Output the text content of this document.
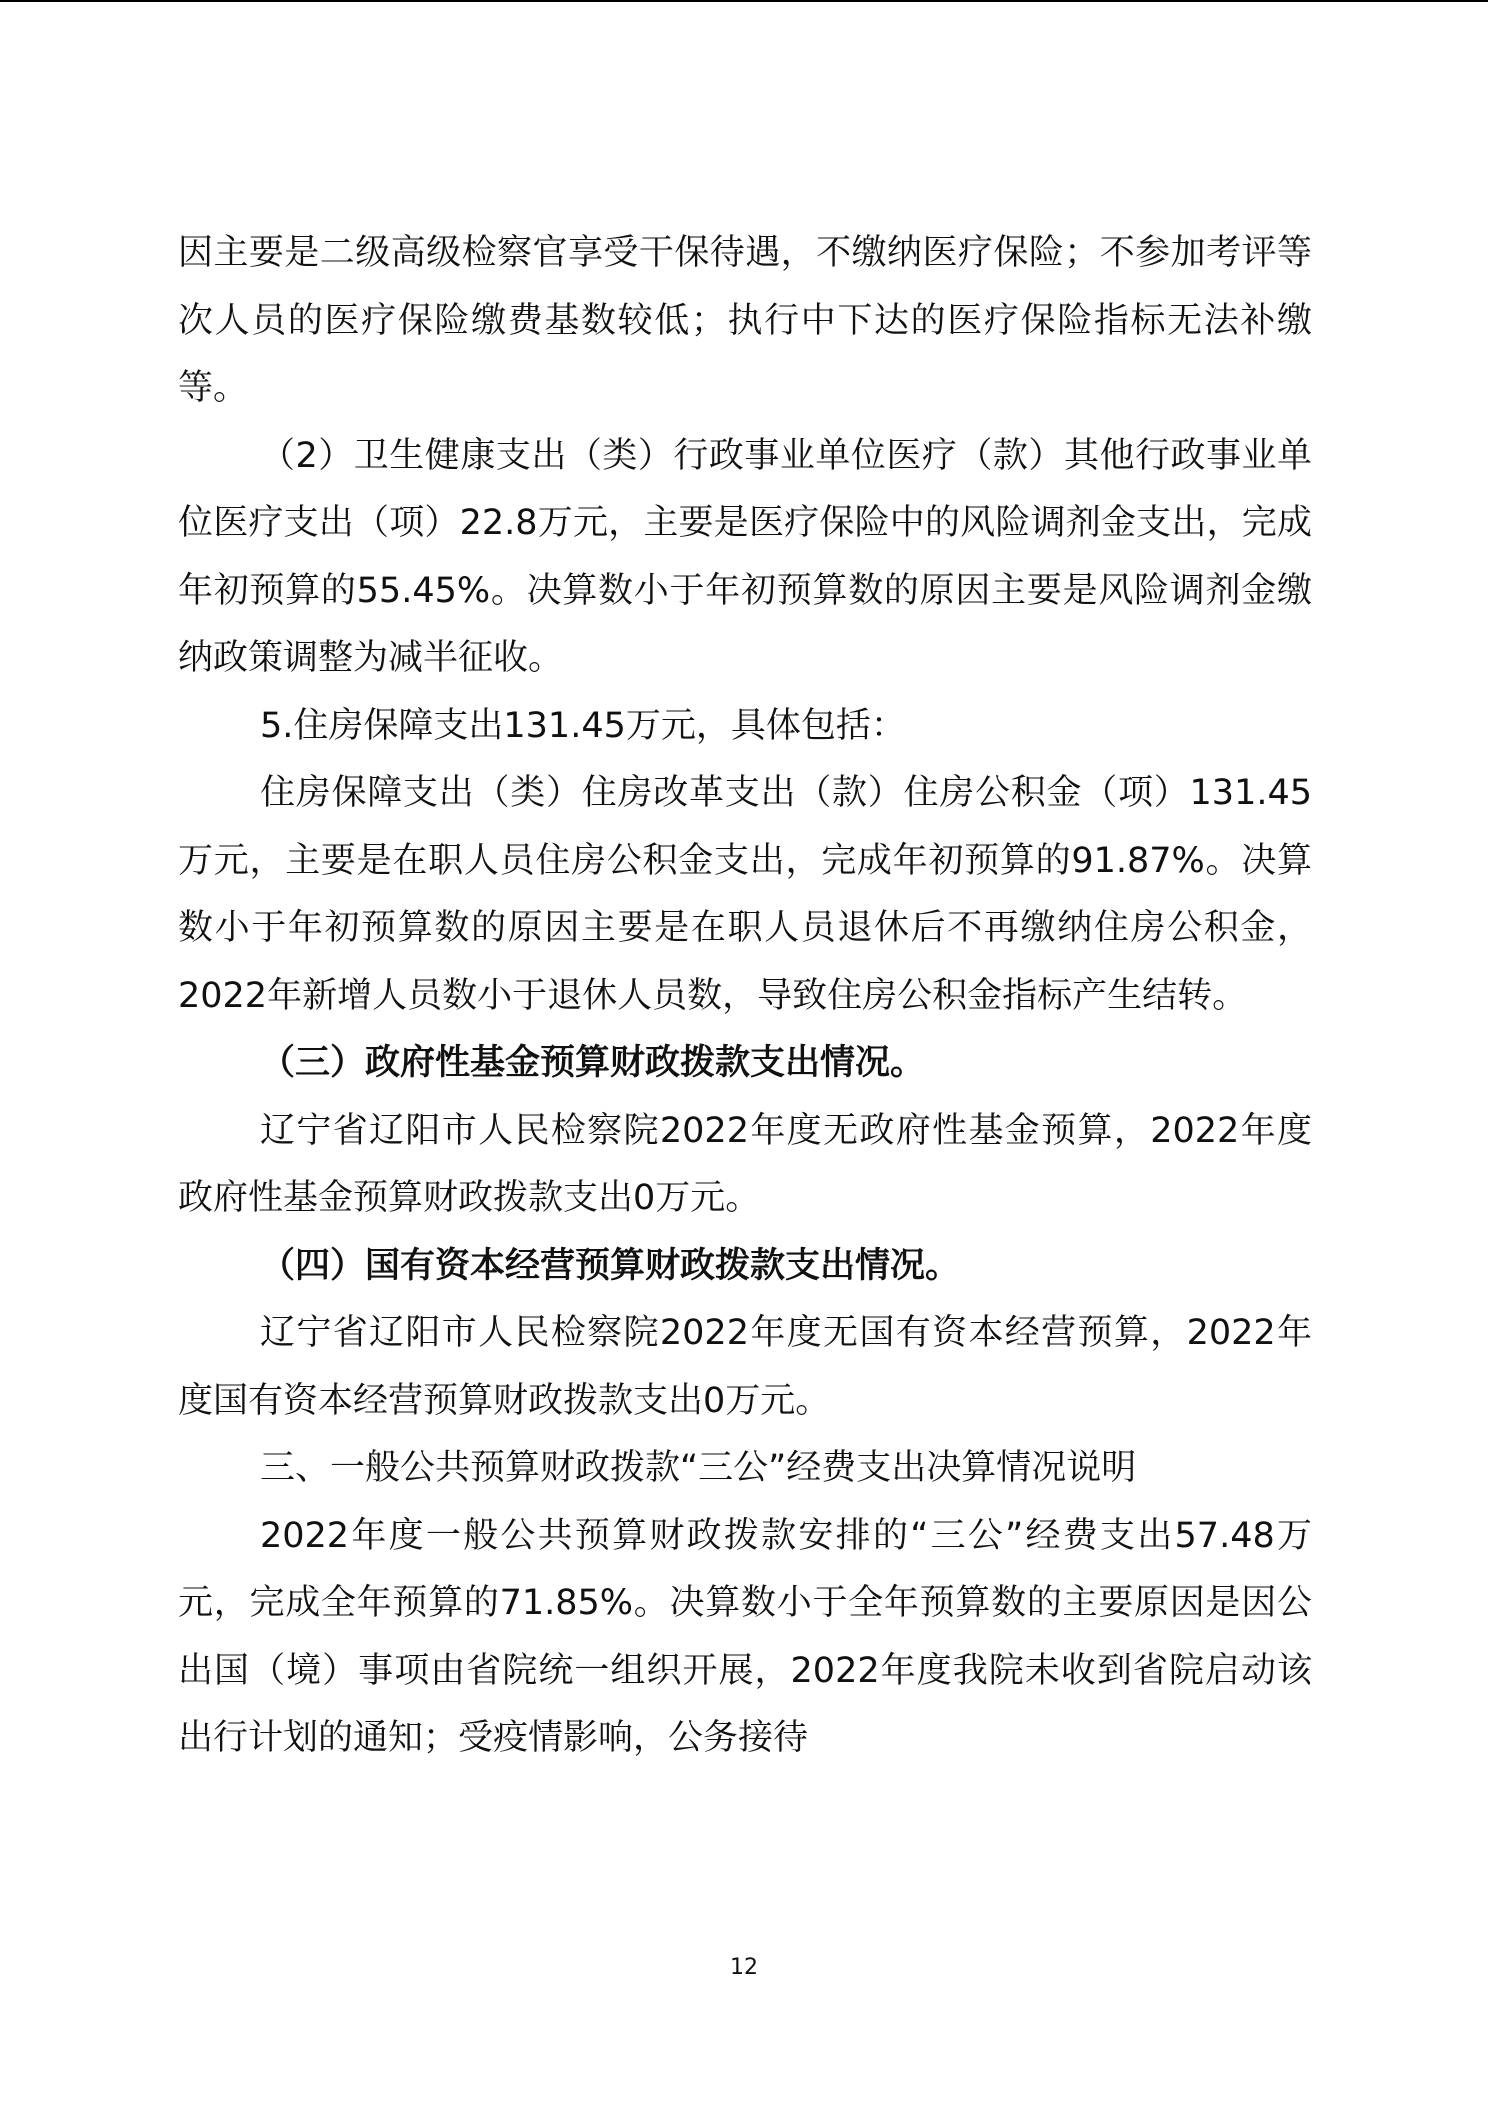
因主要是二级高级检察官享受干保待遇，不缴纳医疗保险；不参加考评等次人员的医疗保险缴费基数较低；执行中下达的医疗保险指标无法补缴等。

（2）卫生健康支出（类）行政事业单位医疗（款）其他行政事业单位医疗支出（项）22.8万元，主要是医疗保险中的风险调剂金支出，完成年初预算的55.45%。决算数小于年初预算数的原因主要是风险调剂金缴纳政策调整为减半征收。

5.住房保障支出131.45万元，具体包括：

住房保障支出（类）住房改革支出（款）住房公积金（项）131.45万元，主要是在职人员住房公积金支出，完成年初预算的91.87%。决算数小于年初预算数的原因主要是在职人员退休后不再缴纳住房公积金，2022年新增人员数小于退休人员数，导致住房公积金指标产生结转。

（三）政府性基金预算财政拨款支出情况。

辽宁省辽阳市人民检察院2022年度无政府性基金预算，2022年度政府性基金预算财政拨款支出0万元。

（四）国有资本经营预算财政拨款支出情况。

辽宁省辽阳市人民检察院2022年度无国有资本经营预算，2022年度国有资本经营预算财政拨款支出0万元。

三、一般公共预算财政拨款“三公”经费支出决算情况说明

2022年度一般公共预算财政拨款安排的“三公”经费支出57.48万元，完成全年预算的71.85%。决算数小于全年预算数的主要原因是因公出国（境）事项由省院统一组织开展，2022年度我院未收到省院启动该出行计划的通知；受疫情影响，公务接待

12
